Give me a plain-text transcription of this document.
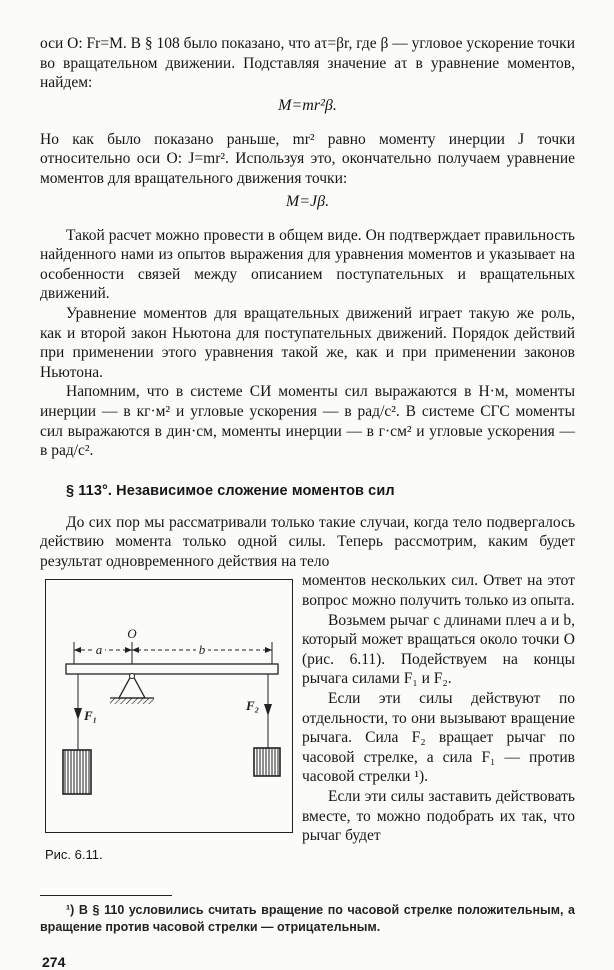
оси O: Fr=M. В § 108 было показано, что aτ=βr, где β — угловое ускорение точки во вращательном движении. Подставляя значение aτ в уравнение моментов, найдем:

M=mr²β.

Но как было показано раньше, mr² равно моменту инерции J точки относительно оси O: J=mr². Используя это, окончательно получаем уравнение моментов для вращательного движения точки:

M=Jβ.

Такой расчет можно провести в общем виде. Он подтверждает правильность найденного нами из опытов выражения для уравнения моментов и указывает на особенности связей между описанием поступательных и вращательных движений.

Уравнение моментов для вращательных движений играет такую же роль, как и второй закон Ньютона для поступательных движений. Порядок действий при применении этого уравнения такой же, как и при применении законов Ньютона.

Напомним, что в системе СИ моменты сил выражаются в Н·м, моменты инерции — в кг·м² и угловые ускорения — в рад/с². В системе СГС моменты сил выражаются в дин·см, моменты инерции — в г·см² и угловые ускорения — в рад/с².

§ 113°. Независимое сложение моментов сил

До сих пор мы рассматривали только такие случаи, когда тело подвергалось действию момента только одной силы. Теперь рассмотрим, каким будет результат одновременного действия на тело

a	b
O
F₁
F₂
Рис. 6.11.

моментов нескольких сил. Ответ на этот вопрос можно получить только из опыта.

Возьмем рычаг с длинами плеч a и b, который может вращаться около точки O (рис. 6.11). Подействуем на концы рычага силами F₁ и F₂.

Если эти силы действуют по отдельности, то они вызывают вращение рычага. Сила F₂ вращает рычаг по часовой стрелке, а сила F₁ — против часовой стрелки ¹).

Если эти силы заставить действовать вместе, то можно подобрать их так, что рычаг будет

¹) В § 110 условились считать вращение по часовой стрелке положительным, а вращение против часовой стрелки — отрицательным.

274
